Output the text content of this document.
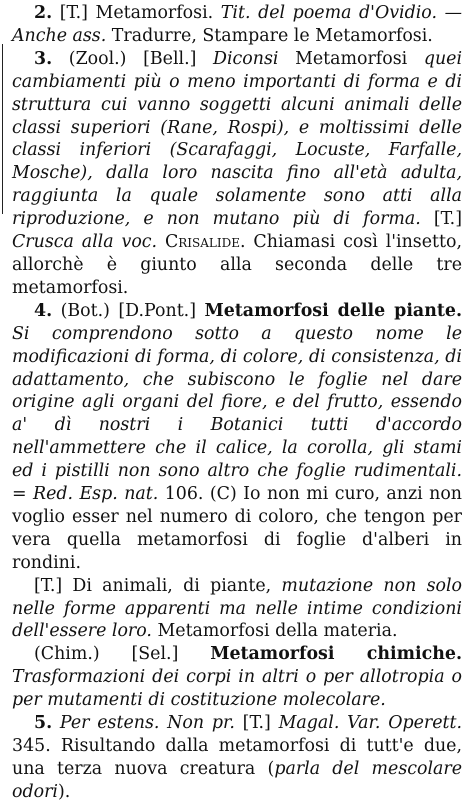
2. [T.] Metamorfosi. Tit. del poema d'Ovidio. — Anche ass. Tradurre, Stampare le Metamorfosi.

3. (Zool.) [Bell.] Diconsi Metamorfosi quei cambiamenti più o meno importanti di forma e di struttura cui vanno soggetti alcuni animali delle classi superiori (Rane, Rospi), e moltissimi delle classi inferiori (Scarafaggi, Locuste, Farfalle, Mosche), dalla loro nascita fino all'età adulta, raggiunta la quale solamente sono atti alla riproduzione, e non mutano più di forma. [T.] Crusca alla voc. Crisalide. Chiamasi così l'insetto, allorchè è giunto alla seconda delle tre metamorfosi.

4. (Bot.) [D.Pont.] Metamorfosi delle piante. Si comprendono sotto a questo nome le modificazioni di forma, di colore, di consistenza, di adattamento, che subiscono le foglie nel dare origine agli organi del fiore, e del frutto, essendo a' dì nostri i Botanici tutti d'accordo nell'ammettere che il calice, la corolla, gli stami ed i pistilli non sono altro che foglie rudimentali. = Red. Esp. nat. 106. (C) Io non mi curo, anzi non voglio esser nel numero di coloro, che tengon per vera quella metamorfosi di foglie d'alberi in rondini.

[T.] Di animali, di piante, mutazione non solo nelle forme apparenti ma nelle intime condizioni dell'essere loro. Metamorfosi della materia.

(Chim.) [Sel.] Metamorfosi chimiche. Trasformazioni dei corpi in altri o per allotropia o per mutamenti di costituzione molecolare.

5. Per estens. Non pr. [T.] Magal. Var. Operett. 345. Risultando dalla metamorfosi di tutt'e due, una terza nuova creatura (parla del mescolare odori).
